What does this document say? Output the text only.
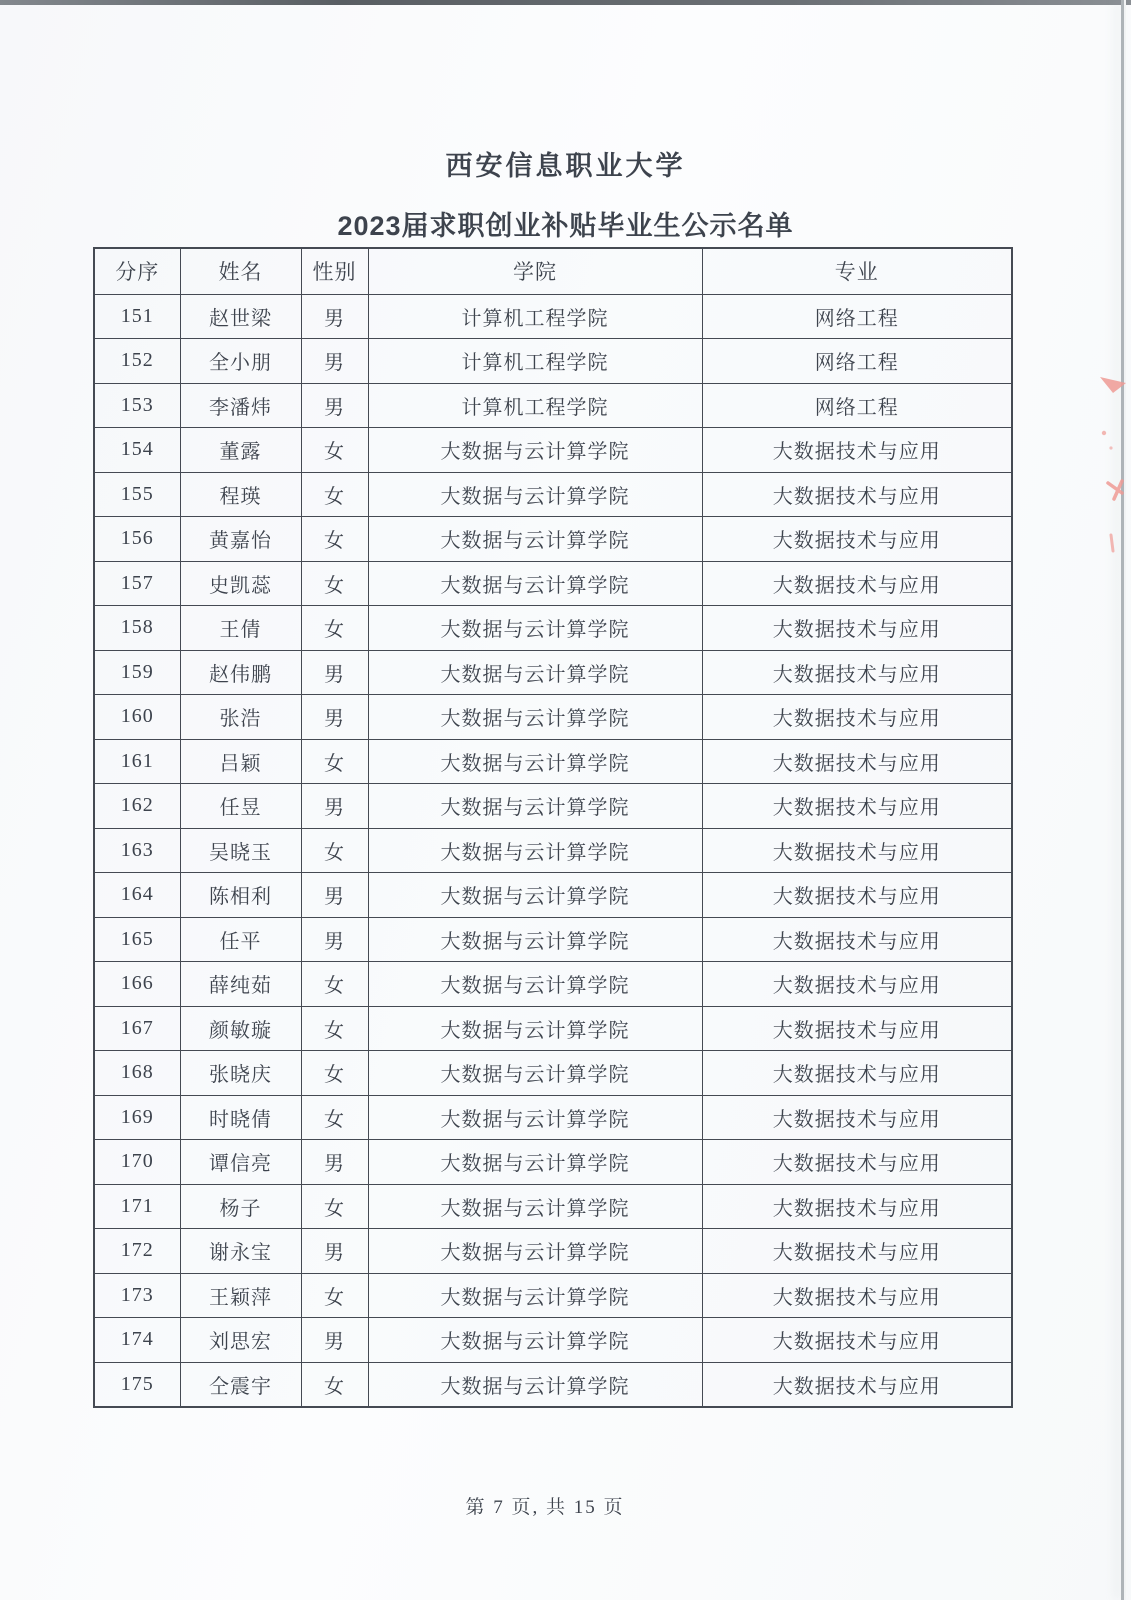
西安信息职业大学
2023届求职创业补贴毕业生公示名单
分序	姓名	性别	学院	专业
151	赵世梁	男	计算机工程学院	网络工程
152	全小朋	男	计算机工程学院	网络工程
153	李潘炜	男	计算机工程学院	网络工程
154	董露	女	大数据与云计算学院	大数据技术与应用
155	程瑛	女	大数据与云计算学院	大数据技术与应用
156	黄嘉怡	女	大数据与云计算学院	大数据技术与应用
157	史凯蕊	女	大数据与云计算学院	大数据技术与应用
158	王倩	女	大数据与云计算学院	大数据技术与应用
159	赵伟鹏	男	大数据与云计算学院	大数据技术与应用
160	张浩	男	大数据与云计算学院	大数据技术与应用
161	吕颖	女	大数据与云计算学院	大数据技术与应用
162	任昱	男	大数据与云计算学院	大数据技术与应用
163	吴晓玉	女	大数据与云计算学院	大数据技术与应用
164	陈相利	男	大数据与云计算学院	大数据技术与应用
165	任平	男	大数据与云计算学院	大数据技术与应用
166	薛纯茹	女	大数据与云计算学院	大数据技术与应用
167	颜敏璇	女	大数据与云计算学院	大数据技术与应用
168	张晓庆	女	大数据与云计算学院	大数据技术与应用
169	时晓倩	女	大数据与云计算学院	大数据技术与应用
170	谭信亮	男	大数据与云计算学院	大数据技术与应用
171	杨子	女	大数据与云计算学院	大数据技术与应用
172	谢永宝	男	大数据与云计算学院	大数据技术与应用
173	王颖萍	女	大数据与云计算学院	大数据技术与应用
174	刘思宏	男	大数据与云计算学院	大数据技术与应用
175	仝震宇	女	大数据与云计算学院	大数据技术与应用
第 7 页, 共 15 页
